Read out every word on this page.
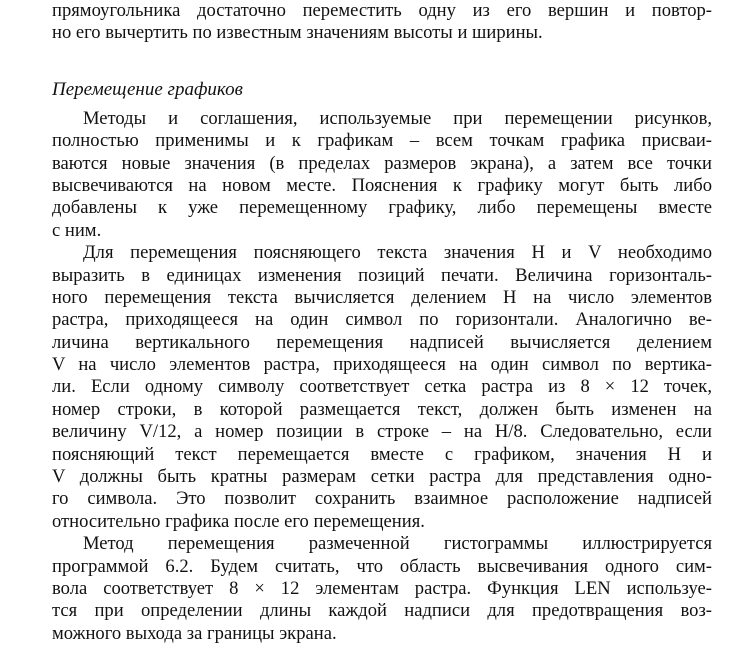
прямоугольника достаточно переместить одну из его вершин и повтор-
но его вычертить по известным значениям высоты и ширины.
Перемещение графиков
Методы и соглашения, используемые при перемещении рисунков,
полностью применимы и к графикам – всем точкам графика присваи-
ваются новые значения (в пределах размеров экрана), а затем все точки
высвечиваются на новом месте. Пояснения к графику могут быть либо
добавлены к уже перемещенному графику, либо перемещены вместе
с ним.
Для перемещения поясняющего текста значения H и V необходимо
выразить в единицах изменения позиций печати. Величина горизонталь-
ного перемещения текста вычисляется делением H на число элементов
растра, приходящееся на один символ по горизонтали. Аналогично ве-
личина вертикального перемещения надписей вычисляется делением
V на число элементов растра, приходящееся на один символ по вертика-
ли. Если одному символу соответствует сетка растра из 8 × 12 точек,
номер строки, в которой размещается текст, должен быть изменен на
величину V/12, а номер позиции в строке – на H/8. Следовательно, если
поясняющий текст перемещается вместе с графиком, значения H и
V должны быть кратны размерам сетки растра для представления одно-
го символа. Это позволит сохранить взаимное расположение надписей
относительно графика после его перемещения.
Метод перемещения размеченной гистограммы иллюстрируется
программой 6.2. Будем считать, что область высвечивания одного сим-
вола соответствует 8 × 12 элементам растра. Функция LEN используе-
тся при определении длины каждой надписи для предотвращения воз-
можного выхода за границы экрана.
